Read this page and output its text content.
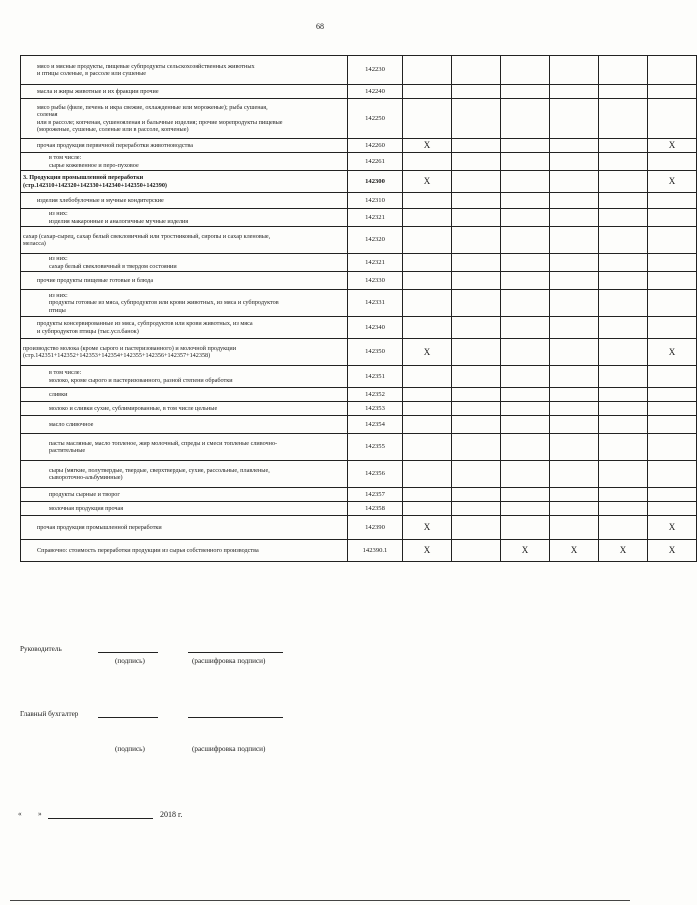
68
мясо и мясные продукты, пищевые субпродукты сельскохозяйственных животных
и птицы соленые, в рассоле или сушеные	142230						

масла и жиры животные и их фракции прочие	142240						

мясо рыбы (филе, печень и икра свежие, охлажденные или мороженые); рыба сушеная,
соленая
или в рассоле; копченая, сушенояленая и балычные изделия; прочие морепродукты пищевые
(мороженые, сушеные, соленые или в рассоле, копченые)	142250						

прочая продукция первичной переработки животноводства	142260	X					X

в том числе:
сырье кожевенное и перо-пуховое	142261						

3. Продукция промышленной переработки
(стр.142310+142320+142330+142340+142350+142390)	142300	X					X

изделия хлебобулочные и мучные кондитерские	142310						

из них:
изделия макаронные и аналогичные мучные изделия	142321						

сахар (сахар-сырец, сахар белый свекловичный или тростниковый, сиропы и сахар кленовые,
меласса)	142320						

из них:
сахар белый свекловичный в твердом состоянии	142321						

прочие продукты пищевые готовые и блюда	142330						

из них:
продукты готовые из мяса, субпродуктов или крови животных, из мяса и субпродуктов
птицы	142331						

продукты консервированные из мяса, субпродуктов или крови животных, из мяса
и субпродуктов птицы (тыс.усл.банок)	142340						

производство молока (кроме сырого и пастеризованного) и молочной продукции
(стр.142351+142352+142353+142354+142355+142356+142357+142358)	142350	X					X

в том числе:
молоко, кроме сырого и пастеризованного, разной степени обработки	142351						

сливки	142352						

молоко и сливки сухие, сублимированные, в том числе цельные	142353						

масло сливочное	142354						

пасты масляные, масло топленое, жир молочный, спреды и смеси топленые сливочно-
растительные	142355						

сыры (мягкие, полутвердые, твердые, сверхтвердые, сухие, рассольные, плавленые,
сывороточно-альбуминные)	142356						

продукты сырные и творог	142357						

молочная продукция прочая	142358						

прочая продукция промышленной переработки	142390	X					X

Справочно: стоимость переработки продукции из сырья собственного производства	142390.1	X		X	X	X	X
Руководитель
(подпись)	(расшифровка подписи)
Главный бухгалтер
(подпись)	(расшифровка подписи)
« »	2018 г.
